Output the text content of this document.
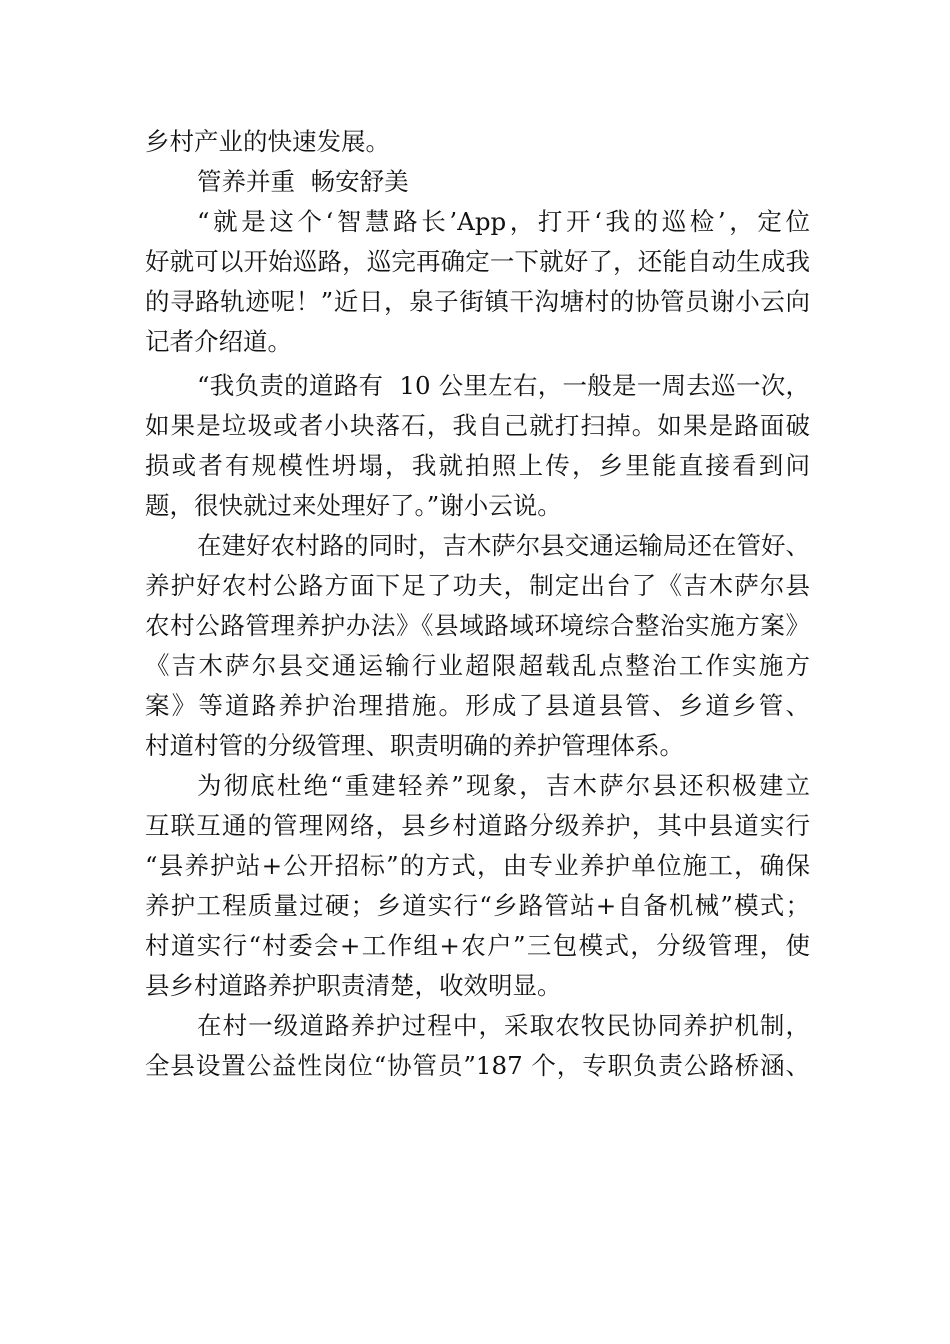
乡村产业的快速发展。
管养并重  畅安舒美
“就是这个‘智慧路长’App，打开‘我的巡检’，定位
好就可以开始巡路，巡完再确定一下就好了，还能自动生成我
的寻路轨迹呢！”近日，泉子街镇干沟塘村的协管员谢小云向
记者介绍道。
“我负责的道路有  10 公里左右，一般是一周去巡一次，
如果是垃圾或者小块落石，我自己就打扫掉。如果是路面破
损或者有规模性坍塌，我就拍照上传，乡里能直接看到问
题，很快就过来处理好了。”谢小云说。
在建好农村路的同时，吉木萨尔县交通运输局还在管好、
养护好农村公路方面下足了功夫，制定出台了《吉木萨尔县
农村公路管理养护办法》《县域路域环境综合整治实施方案》
《吉木萨尔县交通运输行业超限超载乱点整治工作实施方
案》等道路养护治理措施。形成了县道县管、乡道乡管、
村道村管的分级管理、职责明确的养护管理体系。
为彻底杜绝“重建轻养”现象，吉木萨尔县还积极建立
互联互通的管理网络，县乡村道路分级养护，其中县道实行
“县养护站+公开招标”的方式，由专业养护单位施工，确保
养护工程质量过硬；乡道实行“乡路管站+自备机械”模式；
村道实行“村委会+工作组+农户”三包模式，分级管理，使
县乡村道路养护职责清楚，收效明显。
在村一级道路养护过程中，采取农牧民协同养护机制，
全县设置公益性岗位“协管员”187 个，专职负责公路桥涵、
